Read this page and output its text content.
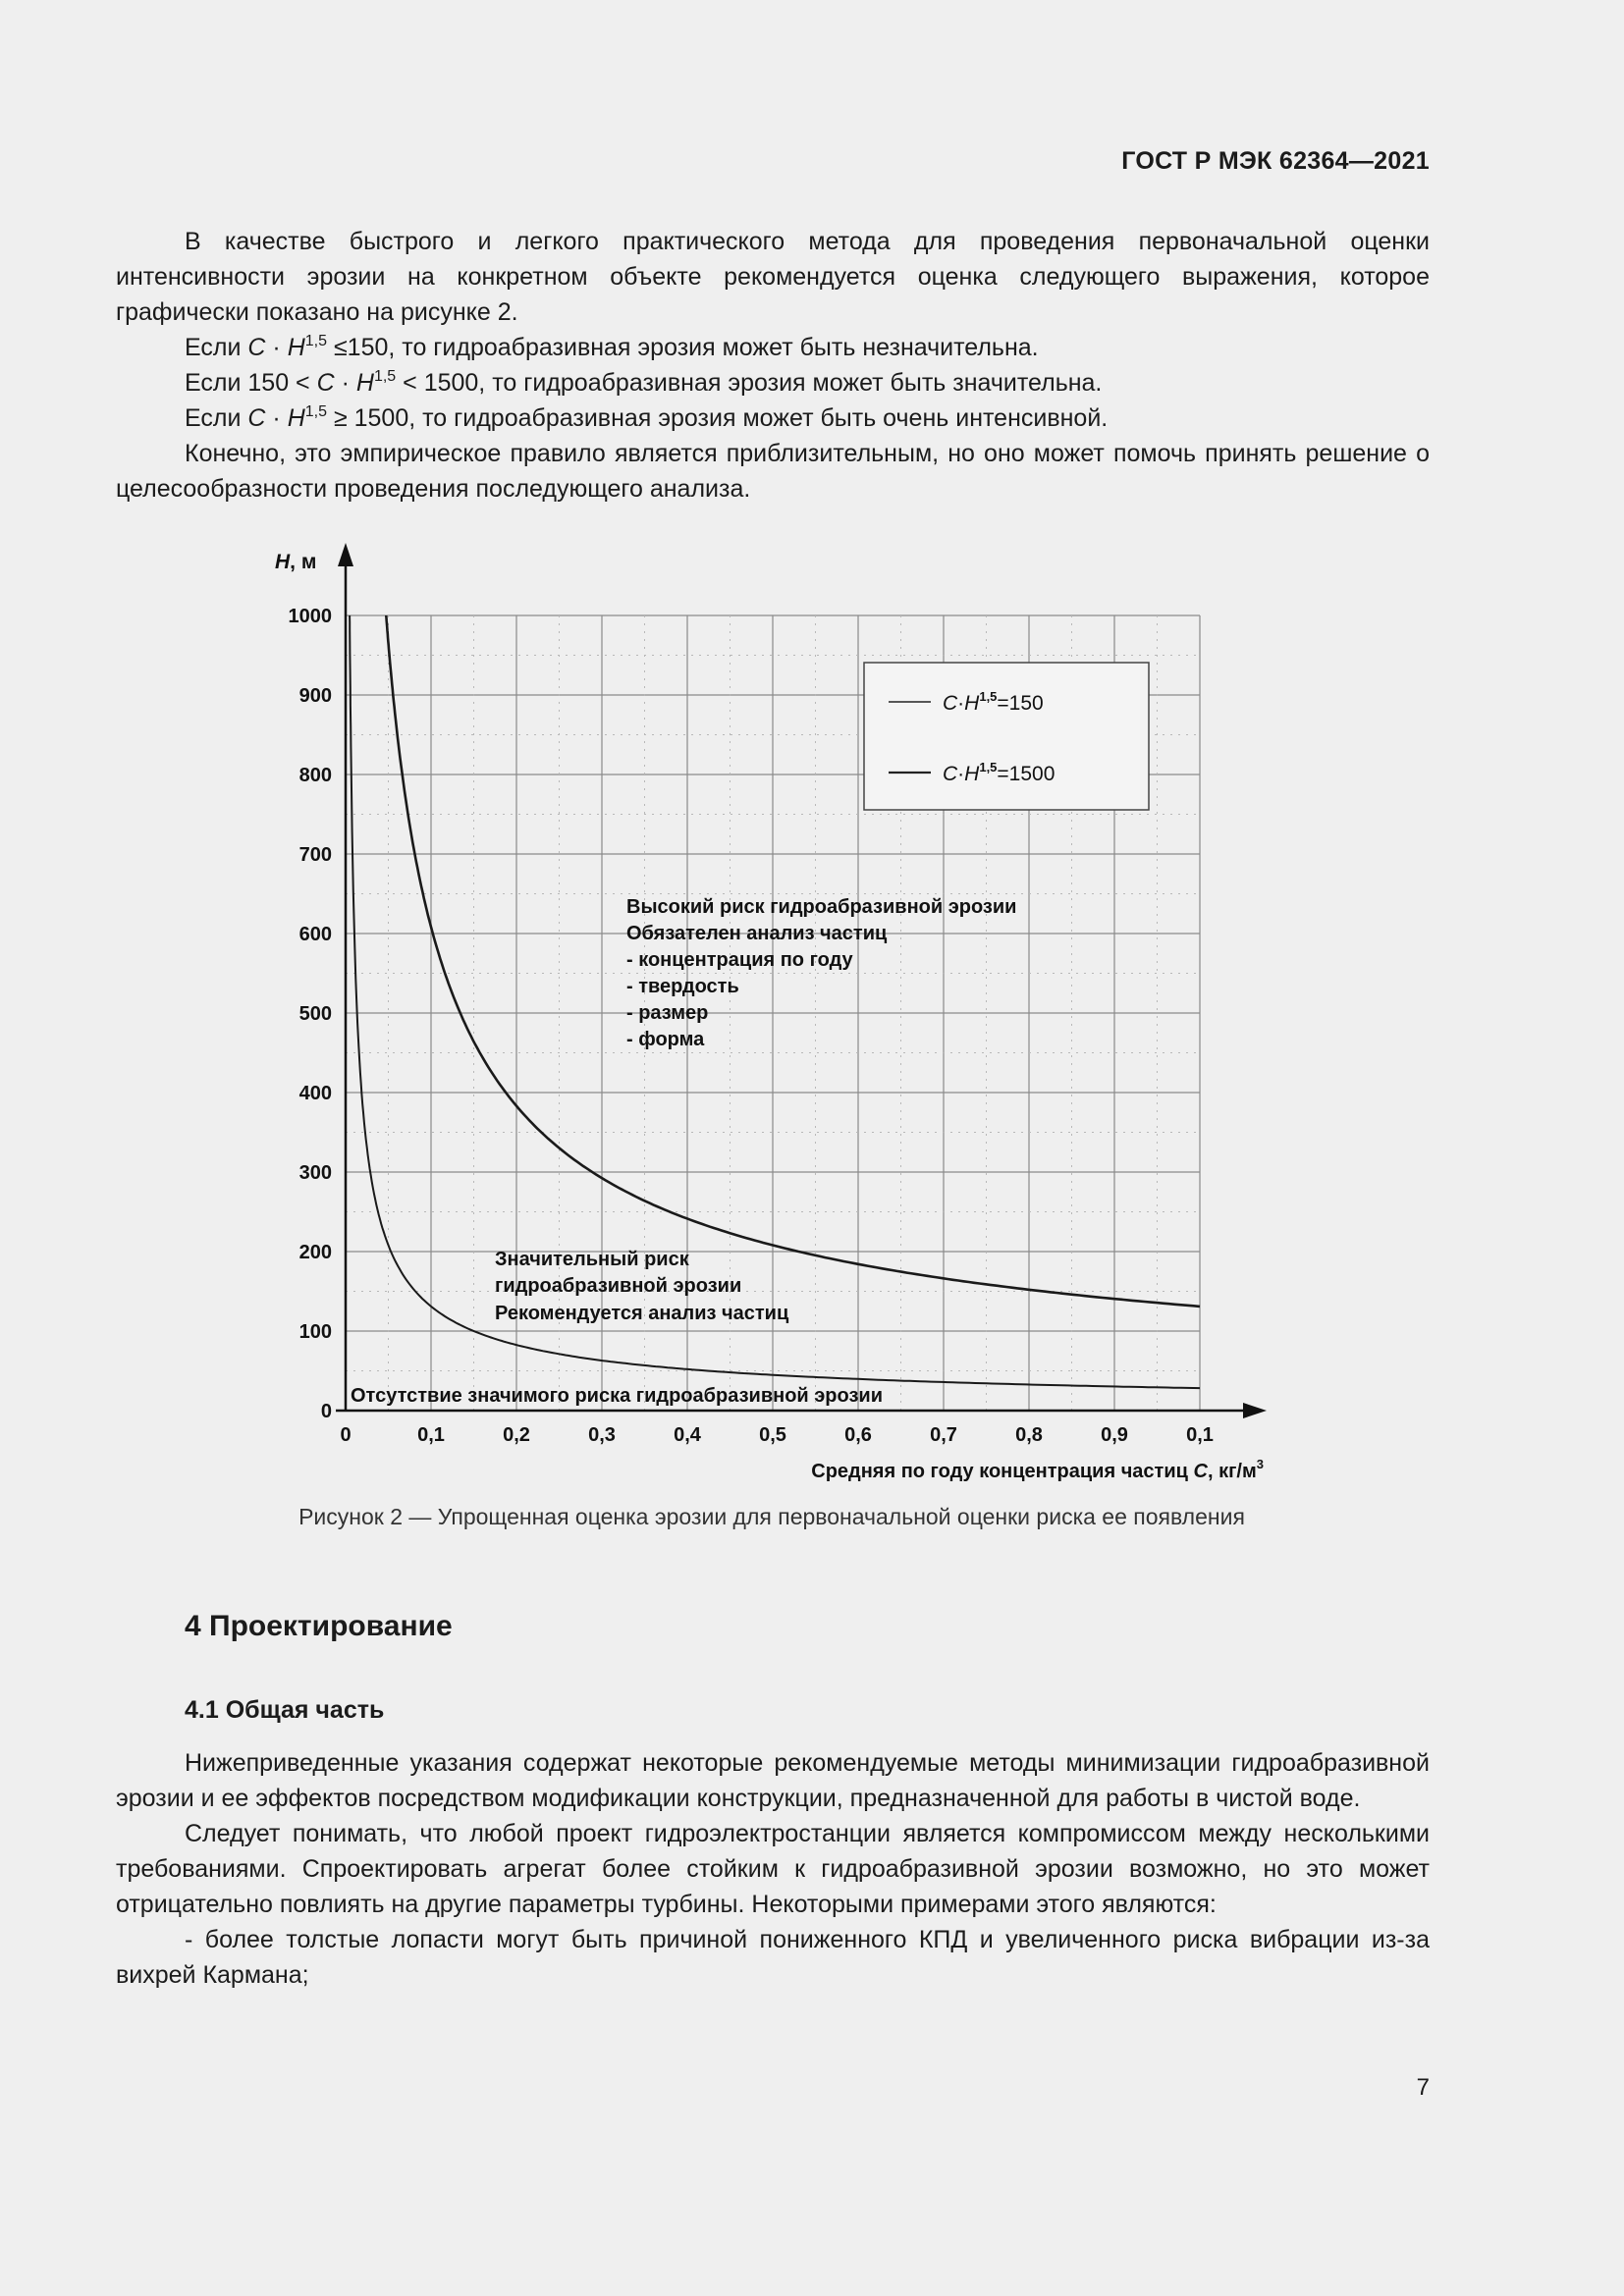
ГОСТ Р МЭК 62364—2021

В качестве быстрого и легкого практического метода для проведения первоначальной оценки интенсивности эрозии на конкретном объекте рекомендуется оценка следующего выражения, которое графически показано на рисунке 2.

Если C · H$^{1,5}$ ≤150, то гидроабразивная эрозия может быть незначительна.

Если 150 < C · H$^{1,5}$ < 1500, то гидроабразивная эрозия может быть значительна.

Если C · H$^{1,5}$ ≥ 1500, то гидроабразивная эрозия может быть очень интенсивной.

Конечно, это эмпирическое правило является приблизительным, но оно может помочь принять решение о целесообразности проведения последующего анализа.

$C\cdot H^{1,5}=150$
$C\cdot H^{1,5}=1500$
0	0,1	0,2	0,3	0,4	0,5	0,6	0,7	0,8	0,9	0,1
0
100
200
300
400
500
600
700
800
900
1000
H, м
Средняя по году концентрация частиц C, $кг/м^3$
Высокий риск гидроабразивной эрозии Обязателен анализ частиц - концентрация по году - твердость - размер - форма
Значительный риск гидроабразивной эрозии Рекомендуется анализ частиц
Отсутствие значимого риска гидроабразивной эрозии
Рисунок 2 — Упрощенная оценка эрозии для первоначальной оценки риска ее появления
4 Проектирование
4.1 Общая часть

Нижеприведенные указания содержат некоторые рекомендуемые методы минимизации гидроабразивной эрозии и ее эффектов посредством модификации конструкции, предназначенной для работы в чистой воде.

Следует понимать, что любой проект гидроэлектростанции является компромиссом между несколькими требованиями. Спроектировать агрегат более стойким к гидроабразивной эрозии возможно, но это может отрицательно повлиять на другие параметры турбины. Некоторыми примерами этого являются:

- более толстые лопасти могут быть причиной пониженного КПД и увеличенного риска вибрации из-за вихрей Кармана;

7
